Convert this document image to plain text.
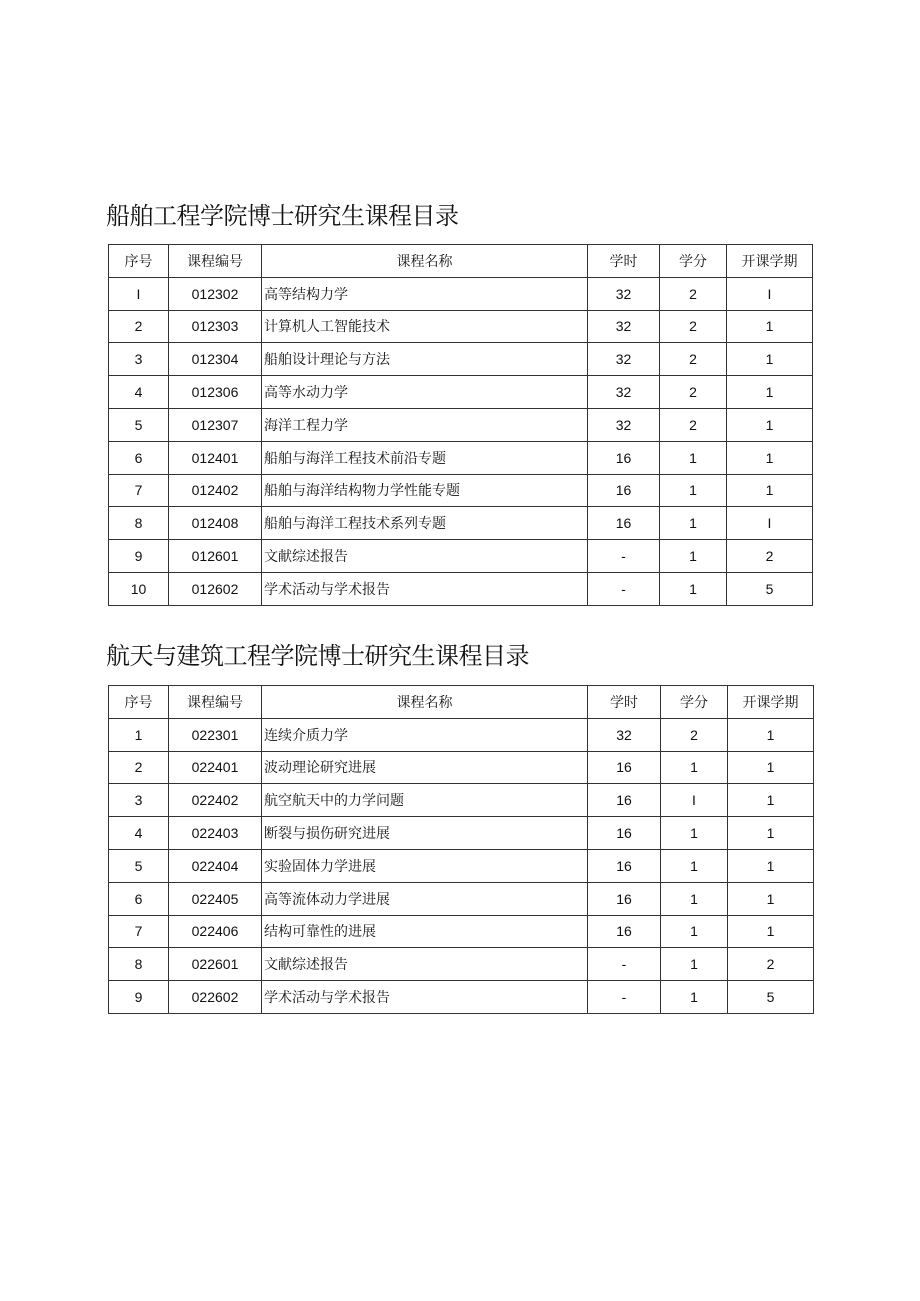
船舶工程学院博士研究生课程目录
序号	课程编号	课程名称	学时	学分	开课学期
I	012302	高等结构力学	32	2	I
2	012303	计算机人工智能技术	32	2	1
3	012304	船舶设计理论与方法	32	2	1
4	012306	高等水动力学	32	2	1
5	012307	海洋工程力学	32	2	1
6	012401	船舶与海洋工程技术前沿专题	16	1	1
7	012402	船舶与海洋结构物力学性能专题	16	1	1
8	012408	船舶与海洋工程技术系列专题	16	1	I
9	012601	文献综述报告	-	1	2
10	012602	学术活动与学术报告	-	1	5
航天与建筑工程学院博士研究生课程目录
序号	课程编号	课程名称	学时	学分	开课学期
1	022301	连续介质力学	32	2	1
2	022401	波动理论研究进展	16	1	1
3	022402	航空航天中的力学问题	16	I	1
4	022403	断裂与损伤研究进展	16	1	1
5	022404	实验固体力学进展	16	1	1
6	022405	高等流体动力学进展	16	1	1
7	022406	结构可靠性的进展	16	1	1
8	022601	文献综述报告	-	1	2
9	022602	学术活动与学术报告	-	1	5
